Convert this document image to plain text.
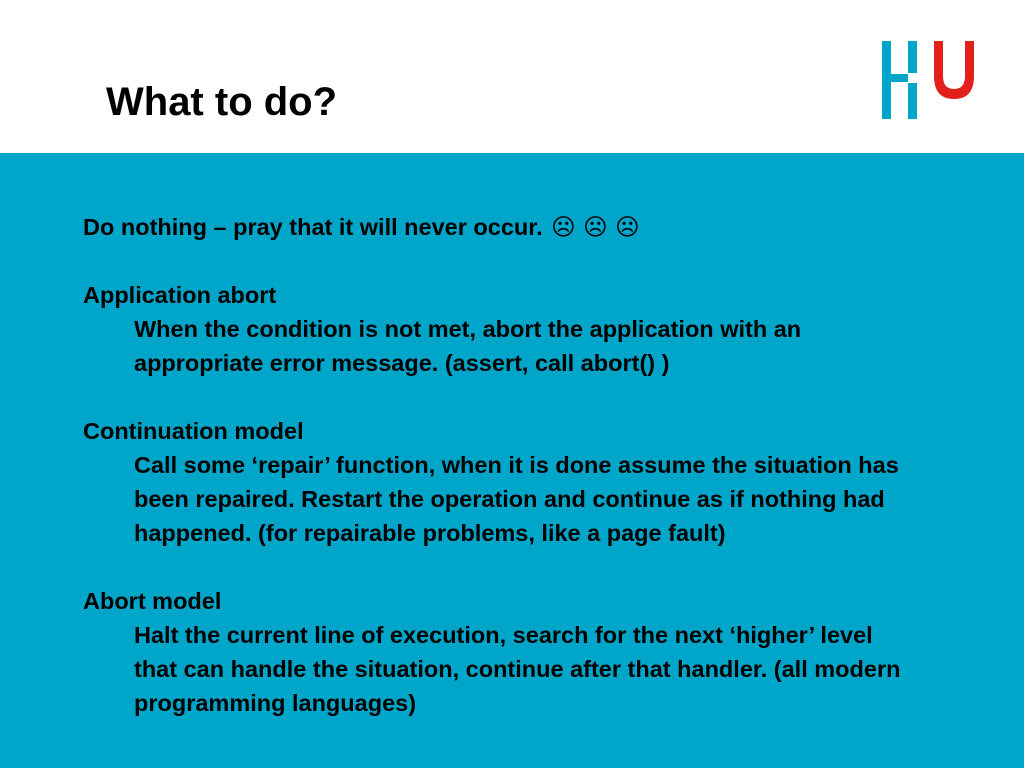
What to do?

Do nothing – pray that it will never occur. ☹ ☹ ☹

Application abort

When the condition is not met, abort the application with an appropriate error message. (assert, call abort() )

Continuation model

Call some ‘repair’ function, when it is done assume the situation has been repaired. Restart the operation and continue as if nothing had happened. (for repairable problems, like a page fault)

Abort model

Halt the current line of execution, search for the next ‘higher’ level that can handle the situation, continue after that handler. (all modern programming languages)
